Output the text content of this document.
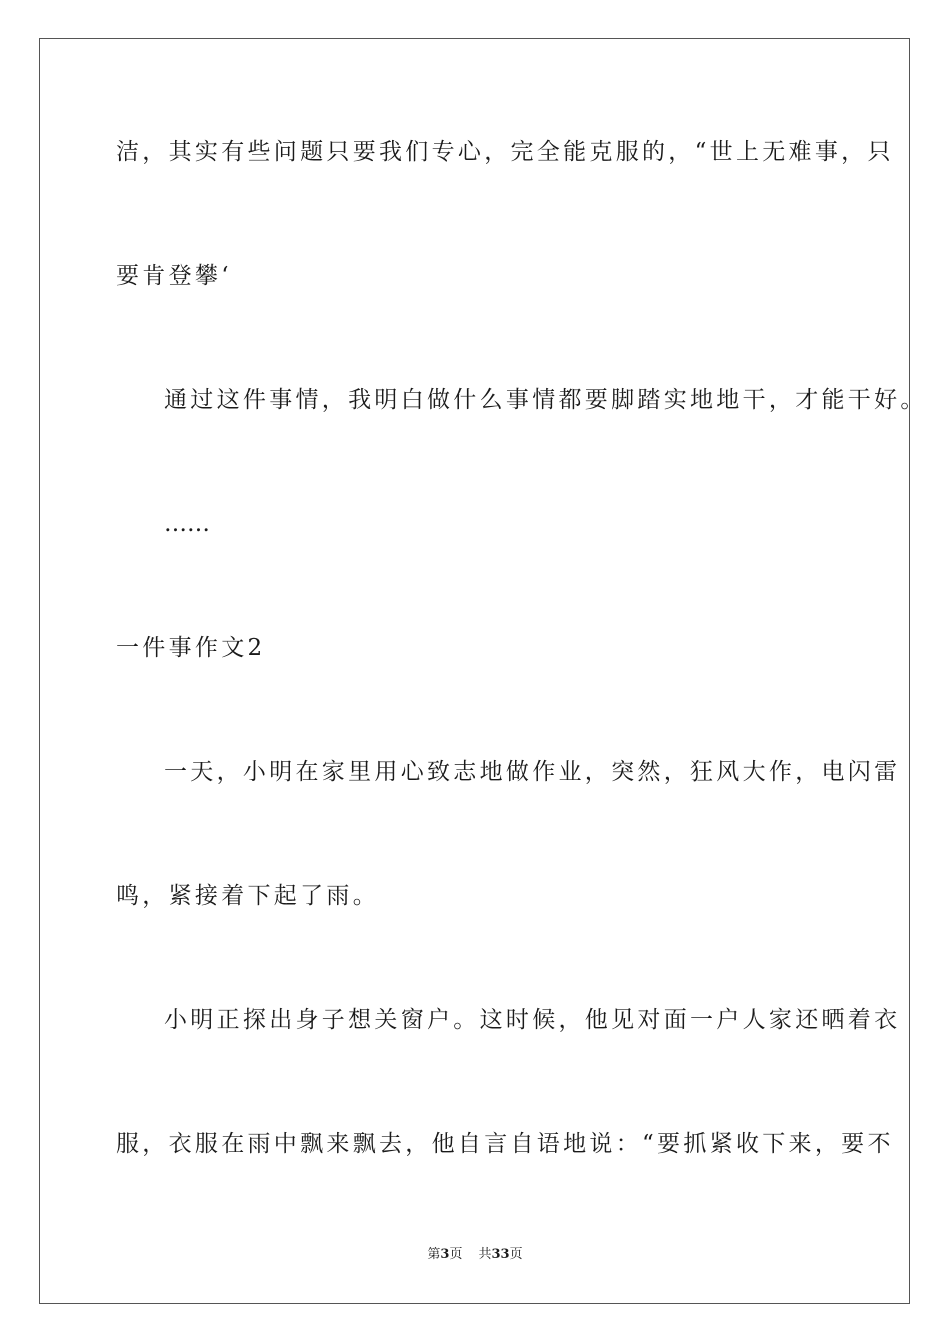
洁，其实有些问题只要我们专心，完全能克服的，“世上无难事，只
要肯登攀‘
通过这件事情，我明白做什么事情都要脚踏实地地干，才能干好。
……
一件事作文2
一天，小明在家里用心致志地做作业，突然，狂风大作，电闪雷
鸣，紧接着下起了雨。
小明正探出身子想关窗户。这时候，他见对面一户人家还晒着衣
服，衣服在雨中飘来飘去，他自言自语地说：“要抓紧收下来，要不
第3页 共33页
